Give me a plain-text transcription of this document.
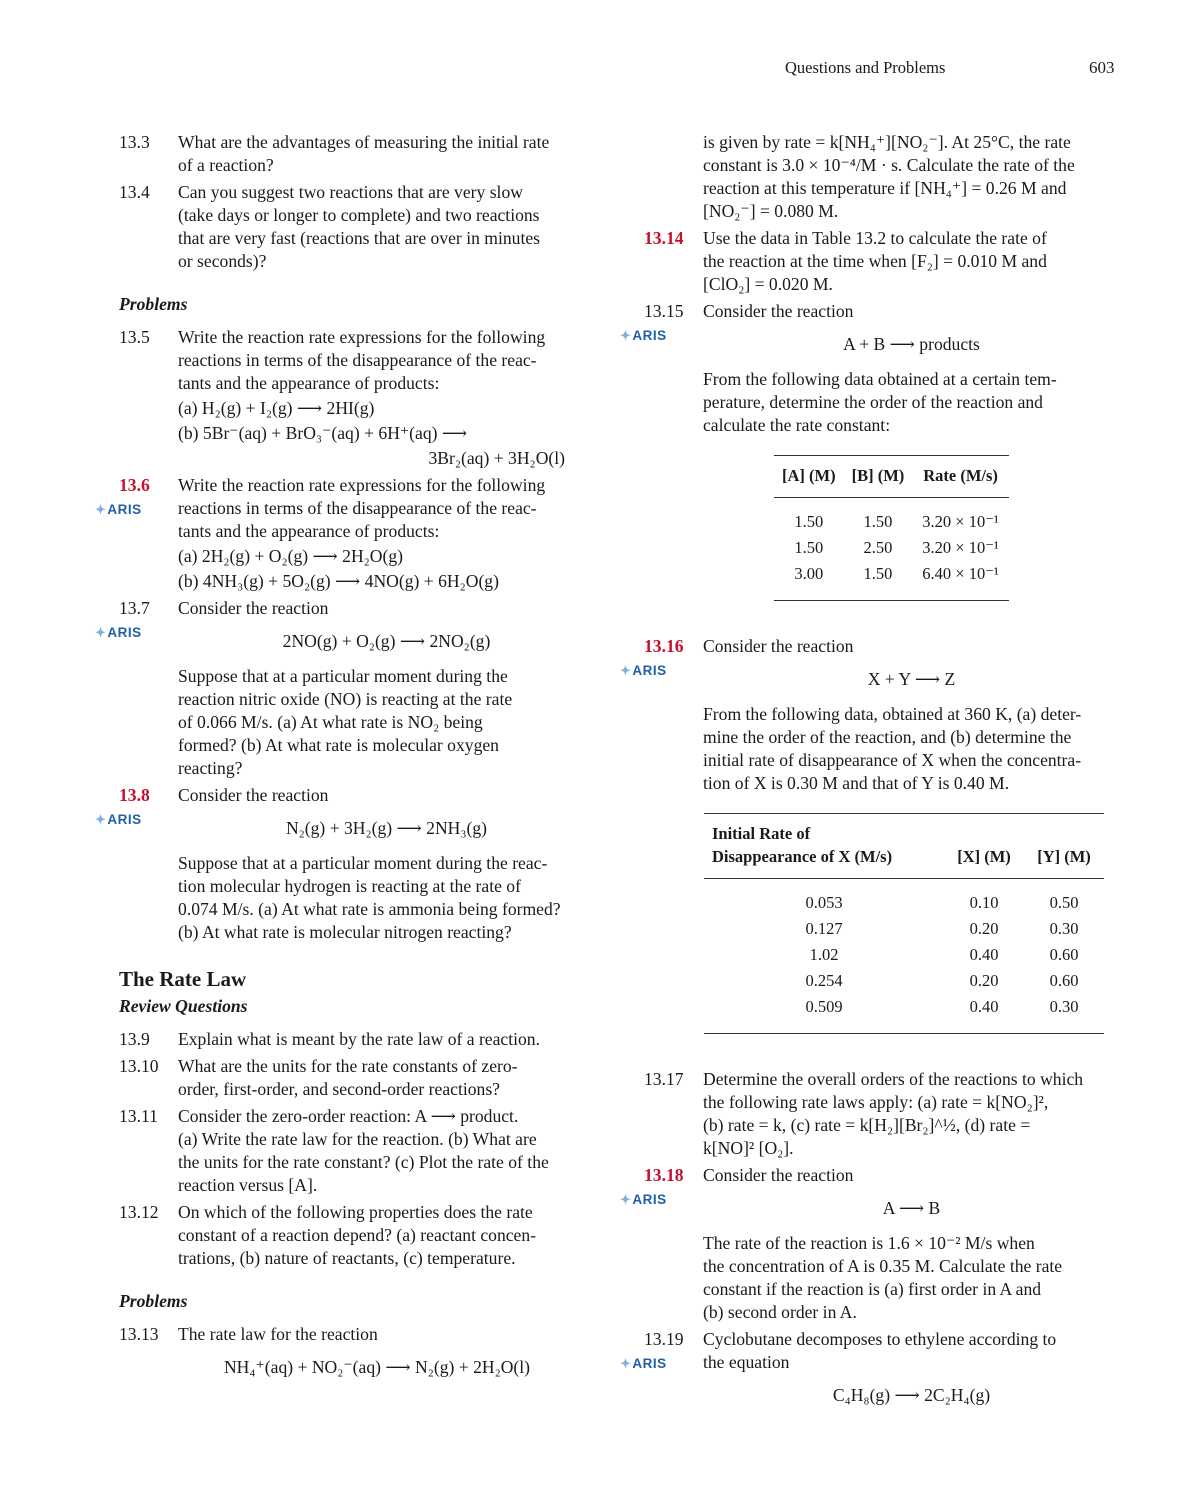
Questions and Problems	603
13.3	What are the advantages of measuring the initial rate
of a reaction?
13.4	Can you suggest two reactions that are very slow
(take days or longer to complete) and two reactions
that are very fast (reactions that are over in minutes
or seconds)?
Problems
13.5	Write the reaction rate expressions for the following
reactions in terms of the disappearance of the reac-
tants and the appearance of products:
(a) H₂(g) + I₂(g) ⟶ 2HI(g)
(b) 5Br⁻(aq) + BrO₃⁻(aq) + 6H⁺(aq) ⟶
3Br₂(aq) + 3H₂O(l)
13.6
✦ ARIS
Write the reaction rate expressions for the following
reactions in terms of the disappearance of the reac-
tants and the appearance of products:
(a) 2H₂(g) + O₂(g) ⟶ 2H₂O(g)
(b) 4NH₃(g) + 5O₂(g) ⟶ 4NO(g) + 6H₂O(g)
13.7
✦ ARIS
Consider the reaction
2NO(g) + O₂(g) ⟶ 2NO₂(g)
Suppose that at a particular moment during the
reaction nitric oxide (NO) is reacting at the rate
of 0.066 M/s. (a) At what rate is NO₂ being
formed? (b) At what rate is molecular oxygen
reacting?
13.8
✦ ARIS
Consider the reaction
N₂(g) + 3H₂(g) ⟶ 2NH₃(g)
Suppose that at a particular moment during the reac-
tion molecular hydrogen is reacting at the rate of
0.074 M/s. (a) At what rate is ammonia being formed?
(b) At what rate is molecular nitrogen reacting?
The Rate Law
Review Questions
13.9	Explain what is meant by the rate law of a reaction.
13.10	What are the units for the rate constants of zero-
order, first-order, and second-order reactions?
13.11	Consider the zero-order reaction: A ⟶ product.
(a) Write the rate law for the reaction. (b) What are
the units for the rate constant? (c) Plot the rate of the
reaction versus [A].
13.12	On which of the following properties does the rate
constant of a reaction depend? (a) reactant concen-
trations, (b) nature of reactants, (c) temperature.
Problems
13.13	The rate law for the reaction
NH₄⁺(aq) + NO₂⁻(aq) ⟶ N₂(g) + 2H₂O(l)
is given by rate = k[NH₄⁺][NO₂⁻]. At 25°C, the rate
constant is 3.0 × 10⁻⁴/M · s. Calculate the rate of the
reaction at this temperature if [NH₄⁺] = 0.26 M and
[NO₂⁻] = 0.080 M.
13.14	Use the data in Table 13.2 to calculate the rate of
the reaction at the time when [F₂] = 0.010 M and
[ClO₂] = 0.020 M.
13.15
✦ ARIS
Consider the reaction
A + B ⟶ products
From the following data obtained at a certain tem-
perature, determine the order of the reaction and
calculate the rate constant:
[A] (M)	[B] (M)	Rate (M/s)
1.50	1.50	3.20 × 10⁻¹
1.50	2.50	3.20 × 10⁻¹
3.00	1.50	6.40 × 10⁻¹
13.16
✦ ARIS
Consider the reaction
X + Y ⟶ Z
From the following data, obtained at 360 K, (a) deter-
mine the order of the reaction, and (b) determine the
initial rate of disappearance of X when the concentra-
tion of X is 0.30 M and that of Y is 0.40 M.
Initial Rate of
Disappearance of X (M/s)	[X] (M)	[Y] (M)
0.053	0.10	0.50
0.127	0.20	0.30
1.02	0.40	0.60
0.254	0.20	0.60
0.509	0.40	0.30
13.17	Determine the overall orders of the reactions to which
the following rate laws apply: (a) rate = k[NO₂]²,
(b) rate = k, (c) rate = k[H₂][Br₂]^½, (d) rate =
k[NO]² [O₂].
13.18
✦ ARIS
Consider the reaction
A ⟶ B
The rate of the reaction is 1.6 × 10⁻² M/s when
the concentration of A is 0.35 M. Calculate the rate
constant if the reaction is (a) first order in A and
(b) second order in A.
13.19
✦ ARIS
Cyclobutane decomposes to ethylene according to
the equation
C₄H₈(g) ⟶ 2C₂H₄(g)
